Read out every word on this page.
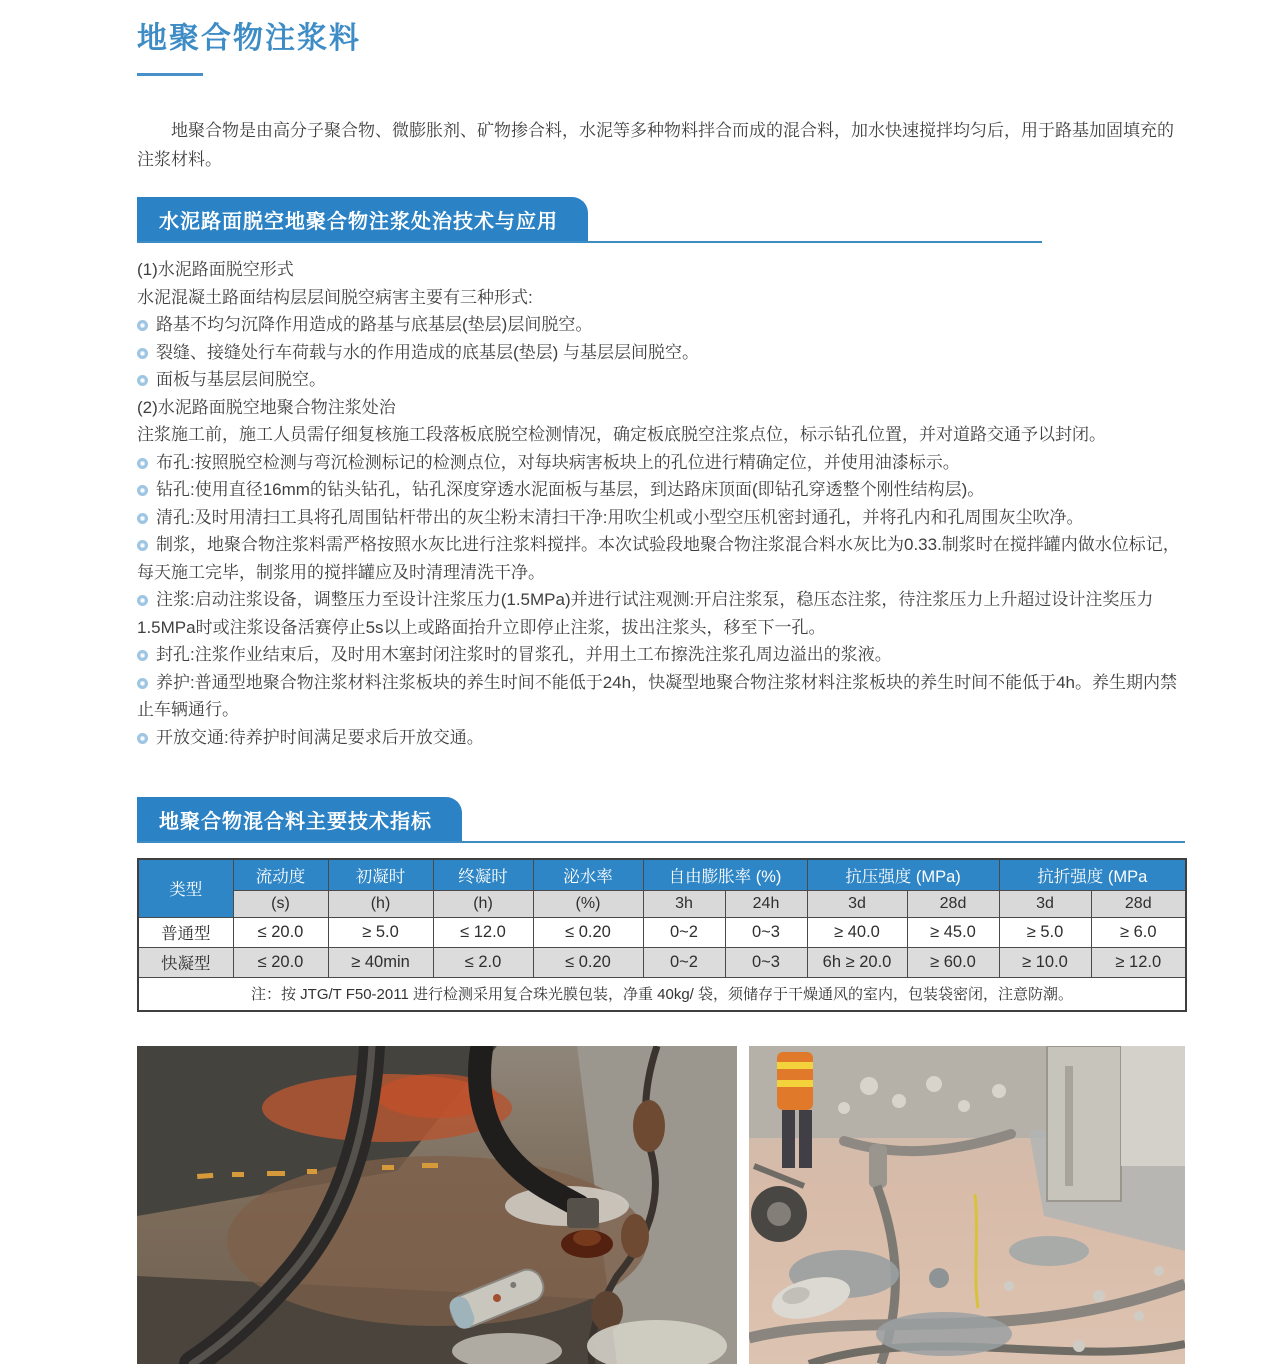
地聚合物注浆料
地聚合物是由高分子聚合物、微膨胀剂、矿物掺合料，水泥等多种物料拌合而成的混合料，加水快速搅拌均匀后，用于路基加固填充的注浆材料。
水泥路面脱空地聚合物注浆处治技术与应用
(1)水泥路面脱空形式
水泥混凝土路面结构层层间脱空病害主要有三种形式:
路基不均匀沉降作用造成的路基与底基层(垫层)层间脱空。
裂缝、接缝处行车荷载与水的作用造成的底基层(垫层) 与基层层间脱空。
面板与基层层间脱空。
(2)水泥路面脱空地聚合物注浆处治
注浆施工前，施工人员需仔细复核施工段落板底脱空检测情况，确定板底脱空注浆点位，标示钻孔位置，并对道路交通予以封闭。
布孔:按照脱空检测与弯沉检测标记的检测点位，对每块病害板块上的孔位进行精确定位，并使用油漆标示。
钻孔:使用直径16mm的钻头钻孔，钻孔深度穿透水泥面板与基层，到达路床顶面(即钻孔穿透整个刚性结构层)。
清孔:及时用清扫工具将孔周围钻杆带出的灰尘粉末清扫干净:用吹尘机或小型空压机密封通孔，并将孔内和孔周围灰尘吹净。
制浆，地聚合物注浆料需严格按照水灰比进行注浆料搅拌。本次试验段地聚合物注浆混合料水灰比为0.33.制浆时在搅拌罐内做水位标记，每天施工完毕，制浆用的搅拌罐应及时清理清洗干净。
注浆:启动注浆设备，调整压力至设计注浆压力(1.5MPa)并进行试注观测:开启注浆泵，稳压态注浆，待注浆压力上升超过设计注奖压力1.5MPa时或注浆设备活赛停止5s以上或路面抬升立即停止注浆，拔出注浆头，移至下一孔。
封孔:注浆作业结束后，及时用木塞封闭注浆时的冒浆孔，并用土工布擦洗注浆孔周边溢出的浆液。
养护:普通型地聚合物注浆材料注浆板块的养生时间不能低于24h，快凝型地聚合物注浆材料注浆板块的养生时间不能低于4h。养生期内禁止车辆通行。
开放交通:待养护时间满足要求后开放交通。
地聚合物混合料主要技术指标
类型	流动度	初凝时	终凝时	泌水率	自由膨胀率 (%)		抗压强度 (MPa)		抗折强度 (MPa	
	(s)	(h)	(h)	(%)	3h	24h	3d	28d	3d	28d
普通型	≤ 20.0	≥ 5.0	≤ 12.0	≤ 0.20	0~2	0~3	≥ 40.0	≥ 45.0	≥ 5.0	≥ 6.0
快凝型	≤ 20.0	≥ 40min	≤ 2.0	≤ 0.20	0~2	0~3	6h ≥ 20.0	≥ 60.0	≥ 10.0	≥ 12.0
注：按 JTG/T F50-2011 进行检测采用复合珠光膜包装，净重 40kg/ 袋，须储存于干燥通风的室内，包装袋密闭，注意防潮。										
